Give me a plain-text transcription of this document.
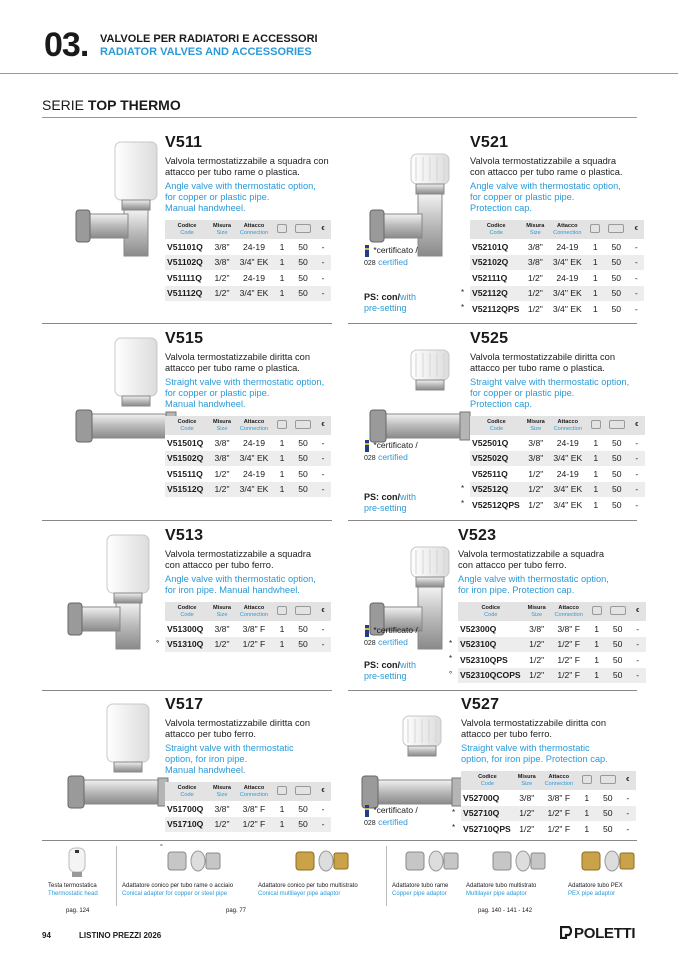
03. VALVOLE PER RADIATORI E ACCESSORI
RADIATOR VALVES AND ACCESSORIES
SERIE TOP THERMO
V511
Valvola termostatizzabile a squadra con
attacco per tubo rame o plastica.
Angle valve with thermostatic option,
for copper or plastic pipe.
Manual handwheel.
Codice
Code	Misura
Size	Attacco
Connection			€
V51101Q	3/8"	24-19	1	50	-
V51102Q	3/8"	3/4" EK	1	50	-
V51111Q	1/2"	24-19	1	50	-
V51112Q	1/2"	3/4" EK	1	50	-
V521
Valvola termostatizzabile a squadra
con attacco per tubo rame o plastica.
Angle valve with thermostatic option,
for copper or plastic pipe.
Protection cap.
Codice
Code	Misura
Size	Attacco
Connection			€
V52101Q	3/8"	24-19	1	50	-
V52102Q	3/8"	3/4" EK	1	50	-
V52111Q	1/2"	24-19	1	50	-

* V52112Q	1/2"	3/4" EK	1	50	-

* V52112QPS	1/2"	3/4" EK	1	50	-
V515
Valvola termostatizzabile diritta con
attacco per tubo rame o plastica.
Straight valve with thermostatic option,
for copper or plastic pipe.
Manual handwheel.
Codice
Code	Misura
Size	Attacco
Connection			€
V51501Q	3/8"	24-19	1	50	-
V51502Q	3/8"	3/4" EK	1	50	-
V51511Q	1/2"	24-19	1	50	-
V51512Q	1/2"	3/4" EK	1	50	-
V525
Valvola termostatizzabile diritta con
attacco per tubo rame o plastica.
Straight valve with thermostatic option,
for copper or plastic pipe.
Protection cap.
Codice
Code	Misura
Size	Attacco
Connection			€
V52501Q	3/8"	24-19	1	50	-
V52502Q	3/8"	3/4" EK	1	50	-
V52511Q	1/2"	24-19	1	50	-

* V52512Q	1/2"	3/4" EK	1	50	-

* V52512QPS	1/2"	3/4" EK	1	50	-
V513
Valvola termostatizzabile a squadra
con attacco per tubo ferro.
Angle valve with thermostatic option,
for iron pipe. Manual handwheel.
Codice
Code	Misura
Size	Attacco
Connection			€
V51300Q	3/8"	3/8" F	1	50	-

° V51310Q	1/2"	1/2" F	1	50	-
V523
Valvola termostatizzabile a squadra
con attacco per tubo ferro.
Angle valve with thermostatic option,
for iron pipe. Protection cap.
Codice
Code	Misura
Size	Attacco
Connection			€
V52300Q	3/8"	3/8" F	1	50	-

* V52310Q	1/2"	1/2" F	1	50	-

* V52310QPS	1/2"	1/2" F	1	50	-

° V52310QCOPS	1/2"	1/2" F	1	50	-
V517
Valvola termostatizzabile diritta con
attacco per tubo ferro.
Straight valve with thermostatic
option, for iron pipe.
Manual handwheel.
Codice
Code	Misura
Size	Attacco
Connection			€
V51700Q	3/8"	3/8" F	1	50	-
V51710Q	1/2"	1/2" F	1	50	-
V527
Valvola termostatizzabile diritta con
attacco per tubo ferro.
Straight valve with thermostatic
option, for iron pipe. Protection cap.
Codice
Code	Misura
Size	Attacco
Connection			€
V52700Q	3/8"	3/8" F	1	50	-

* V52710Q	1/2"	1/2" F	1	50	-

* V52710QPS	1/2"	1/2" F	1	50	-
*certificato /
028 certified
PS: con/with
pre-setting
*certificato /
028 certified
PS: con/with
pre-setting
*certificato /
028 certified
PS: con/with
pre-setting
*certificato /
028 certified
Testa termostatica
Thermostatic head
pag. 124
°
Adattatore conico per tubo rame o acciaio
Conical adapter for copper or steel pipe
pag. 77
Adattatore conico per tubo multistrato
Conical multilayer pipe adaptor
Adattatore tubo rame
Copper pipe adaptor
pag. 140 - 141 - 142
Adattatore tubo multistrato
Multilayer pipe adaptor
Adattatore tubo PEX
PEX pipe adaptor
94	LISTINO PREZZI 2026	POLETTI
